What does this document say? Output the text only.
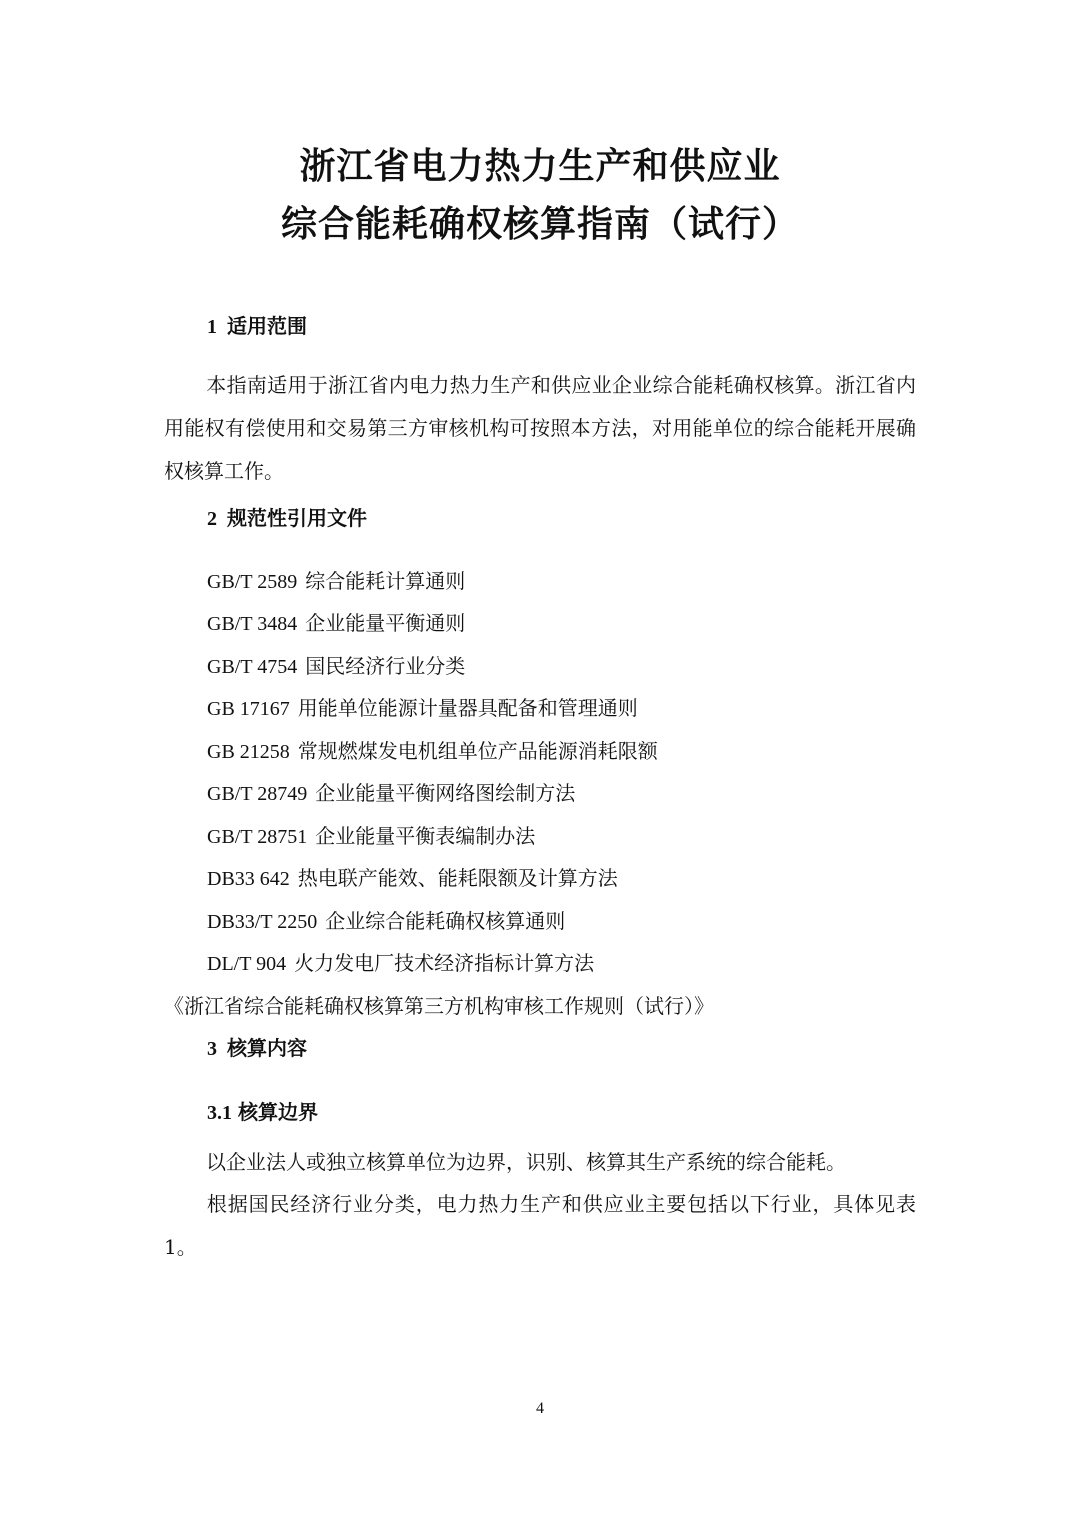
浙江省电力热力生产和供应业
综合能耗确权核算指南（试行）
1 适用范围

本指南适用于浙江省内电力热力生产和供应业企业综合能耗确权核算。浙江省内用能权有偿使用和交易第三方审核机构可按照本方法，对用能单位的综合能耗开展确权核算工作。

2 规范性引用文件

GB/T 2589 综合能耗计算通则

GB/T 3484 企业能量平衡通则

GB/T 4754 国民经济行业分类

GB 17167 用能单位能源计量器具配备和管理通则

GB 21258 常规燃煤发电机组单位产品能源消耗限额

GB/T 28749 企业能量平衡网络图绘制方法

GB/T 28751 企业能量平衡表编制办法

DB33 642 热电联产能效、能耗限额及计算方法

DB33/T 2250 企业综合能耗确权核算通则

DL/T 904 火力发电厂技术经济指标计算方法

《浙江省综合能耗确权核算第三方机构审核工作规则（试行）》

3 核算内容
3.1 核算边界

以企业法人或独立核算单位为边界，识别、核算其生产系统的综合能耗。

根据国民经济行业分类，电力热力生产和供应业主要包括以下行业，具体见表 1。

4
